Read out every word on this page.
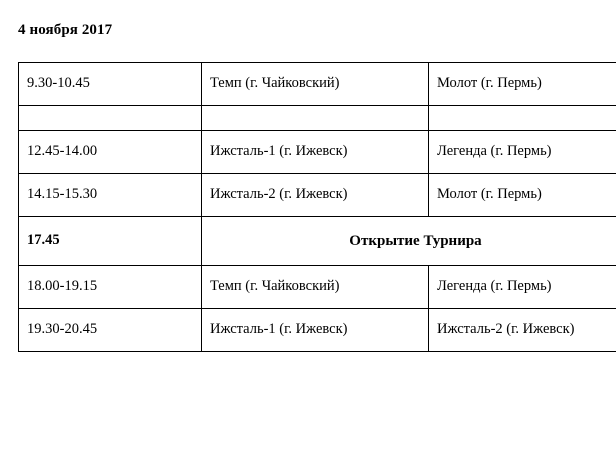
4 ноября 2017
9.30-10.45	Темп (г. Чайковский)	Молот (г. Пермь)

12.45-14.00	Ижсталь-1 (г. Ижевск)	Легенда (г. Пермь)
14.15-15.30	Ижсталь-2 (г. Ижевск)	Молот (г. Пермь)
17.45	Открытие Турнира	
18.00-19.15	Темп (г. Чайковский)	Легенда (г. Пермь)
19.30-20.45	Ижсталь-1 (г. Ижевск)	Ижсталь-2 (г. Ижевск)
